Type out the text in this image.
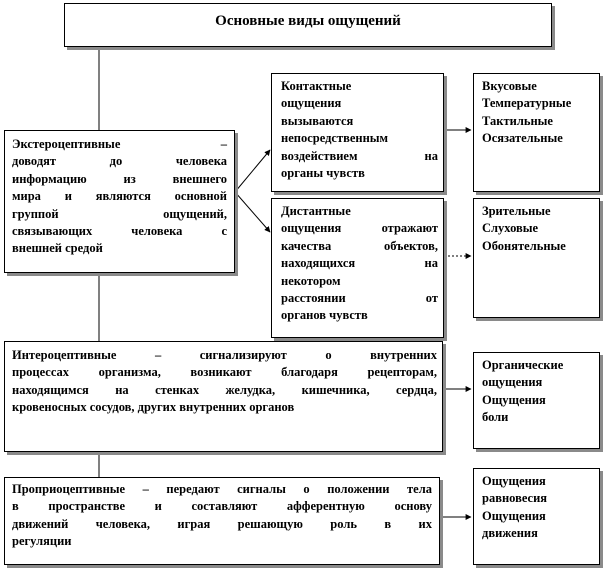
Основные виды ощущений
Экстероцептивные –
доводят до человека
информацию из внешнего
мира и являются основной
группой ощущений,
связывающих человека с
внешней средой
Контактные
ощущения
вызываются
непосредственным
воздействием на
органы чувств
Вкусовые
Температурные
Тактильные
Осязательные
Дистантные
ощущения отражают
качества объектов,
находящихся на
некотором
расстоянии от
органов чувств
Зрительные
Слуховые
Обонятельные
Интероцептивные – сигнализируют о внутренних
процессах организма, возникают благодаря рецепторам,
находящимся на стенках желудка, кишечника, сердца,
кровеносных сосудов, других внутренних органов
Органические
ощущения
Ощущения
боли
Проприоцептивные – передают сигналы о положении тела
в пространстве и составляют афферентную основу
движений человека, играя решающую роль в их
регуляции
Ощущения
равновесия
Ощущения
движения
